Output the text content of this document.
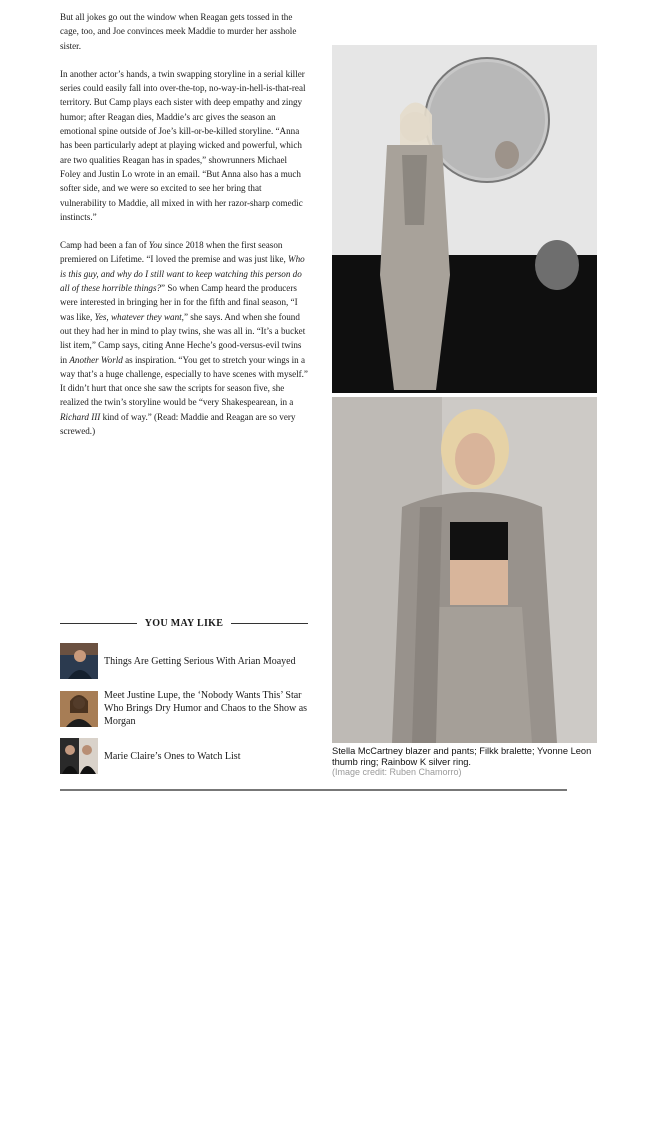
But all jokes go out the window when Reagan gets tossed in the cage, too, and Joe convinces meek Maddie to murder her asshole sister.

In another actor’s hands, a twin swapping storyline in a serial killer series could easily fall into over-the-top, no-way-in-hell-is-that-real territory. But Camp plays each sister with deep empathy and zingy humor; after Reagan dies, Maddie’s arc gives the season an emotional spine outside of Joe’s kill-or-be-killed storyline. “Anna has been particularly adept at playing wicked and powerful, which are two qualities Reagan has in spades,” showrunners Michael Foley and Justin Lo wrote in an email. “But Anna also has a much softer side, and we were so excited to see her bring that vulnerability to Maddie, all mixed in with her razor-sharp comedic instincts.”

Camp had been a fan of You since 2018 when the first season premiered on Lifetime. “I loved the premise and was just like, Who is this guy, and why do I still want to keep watching this person do all of these horrible things?” So when Camp heard the producers were interested in bringing her in for the fifth and final season, “I was like, Yes, whatever they want,” she says. And when she found out they had her in mind to play twins, she was all in. “It’s a bucket list item,” Camp says, citing Anne Heche’s good-versus-evil twins in Another World as inspiration. “You get to stretch your wings in a way that’s a huge challenge, especially to have scenes with myself.” It didn’t hurt that once she saw the scripts for season five, she realized the twin’s storyline would be “very Shakespearean, in a Richard III kind of way.” (Read: Maddie and Reagan are so very screwed.)

YOU MAY LIKE
Things Are Getting Serious With Arian Moayed
Meet Justine Lupe, the ‘Nobody Wants This’ Star Who Brings Dry Humor and Chaos to the Show as Morgan
Marie Claire’s Ones to Watch List	Stella McCartney blazer and pants; Filkk bralette; Yvonne Leon thumb ring; Rainbow K silver ring.
(Image credit: Ruben Chamorro)
